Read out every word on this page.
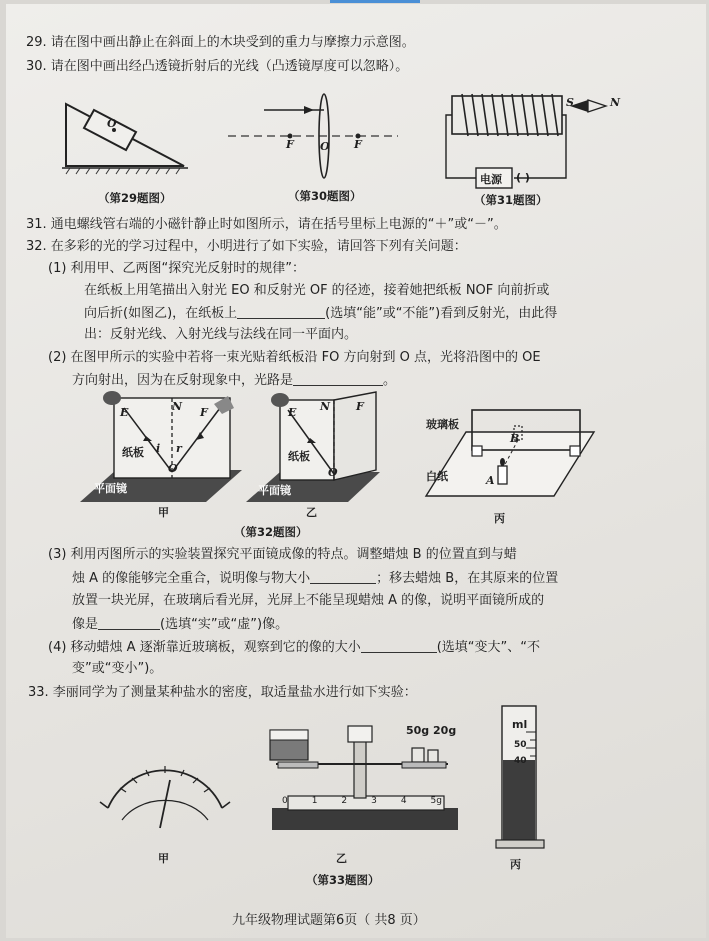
29. 请在图中画出静止在斜面上的木块受到的重力与摩擦力示意图。
30. 请在图中画出经凸透镜折射后的光线（凸透镜厚度可以忽略）。
O
（第29题图）
F O F
（第30题图）
S	N
电源 ( )
（第31题图）
31. 通电螺线管右端的小磁针静止时如图所示，请在括号里标上电源的“＋”或“－”。
32. 在多彩的光的学习过程中，小明进行了如下实验，请回答下列有关问题：
(1) 利用甲、乙两图“探究光反射时的规律”：
在纸板上用笔描出入射光 EO 和反射光 OF 的径迹，接着她把纸板 NOF 向前折或
向后折(如图乙)，在纸板上	(选填“能”或“不能”)看到反射光，由此得
出：反射光线、入射光线与法线在同一平面内。
(2) 在图甲所示的实验中若将一束光贴着纸板沿 FO 方向射到 O 点，光将沿图中的 OE
方向射出，因为在反射现象中，光路是	。
E	N F
i r
O
纸板
平面镜
甲
E N F
O
纸板
平面镜
乙
玻璃板
B
白纸	A
丙
（第32题图）
(3) 利用丙图所示的实验装置探究平面镜成像的特点。调整蜡烛 B 的位置直到与蜡
烛 A 的像能够完全重合，说明像与物大小	；移去蜡烛 B，在其原来的位置
放置一块光屏，在玻璃后看光屏，光屏上不能呈现蜡烛 A 的像，说明平面镜所成的
像是	(选填“实”或“虚”)像。
(4) 移动蜡烛 A 逐渐靠近玻璃板，观察到它的像的大小	(选填“变大”、“不
变”或“变小”)。
33. 李丽同学为了测量某种盐水的密度，取适量盐水进行如下实验：
甲
50g 20g
0	1	2	3	4	5g
乙
ml
50
40
丙
（第33题图）
九年级物理试题第6页（ 共8 页）
